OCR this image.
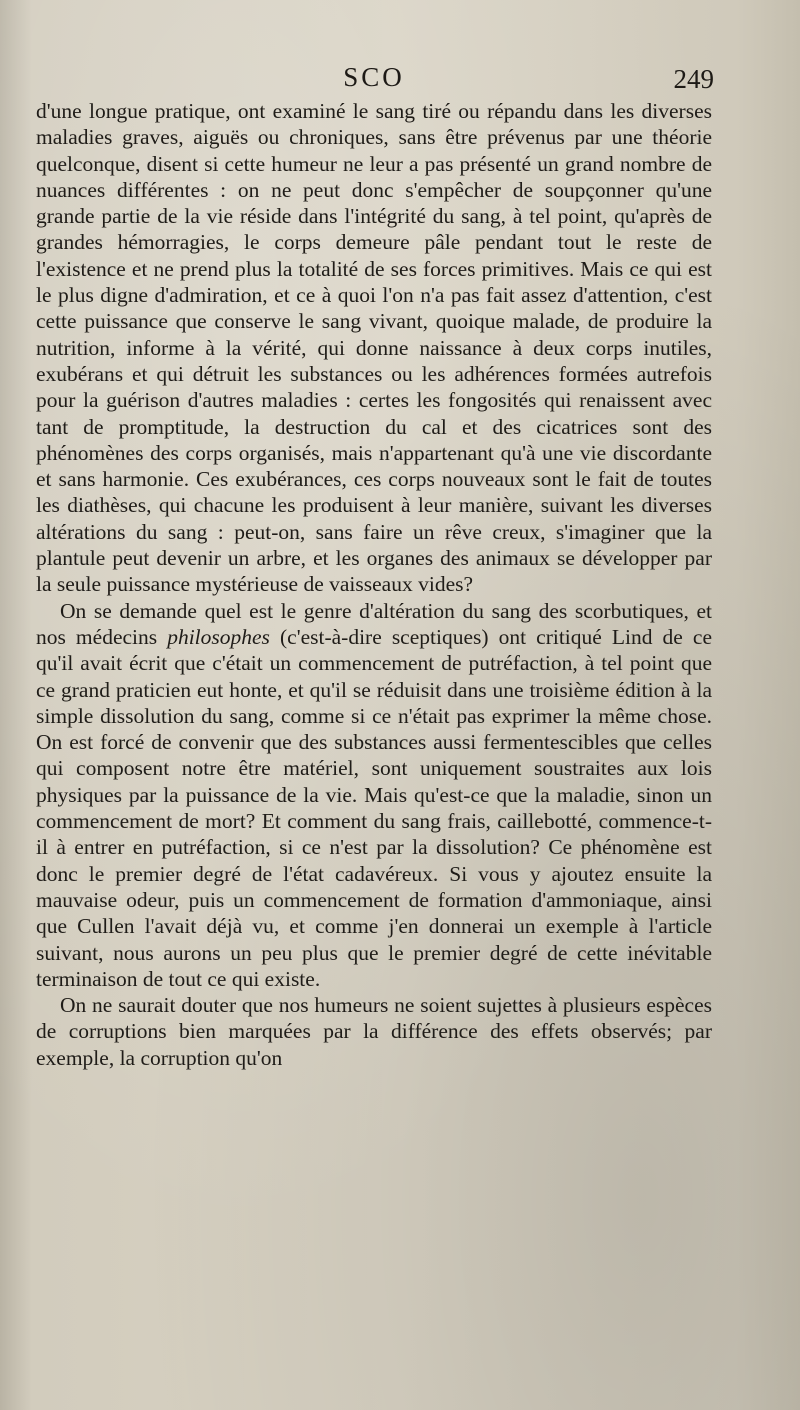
SCO	249

d'une longue pratique, ont examiné le sang tiré ou répandu dans les diverses maladies graves, aiguës ou chroniques, sans être prévenus par une théorie quelconque, disent si cette humeur ne leur a pas présenté un grand nombre de nuances différentes : on ne peut donc s'empêcher de soupçonner qu'une grande partie de la vie réside dans l'intégrité du sang, à tel point, qu'après de grandes hémorragies, le corps demeure pâle pendant tout le reste de l'existence et ne prend plus la totalité de ses forces primitives. Mais ce qui est le plus digne d'admiration, et ce à quoi l'on n'a pas fait assez d'attention, c'est cette puissance que conserve le sang vivant, quoique malade, de produire la nutrition, informe à la vérité, qui donne naissance à deux corps inutiles, exubérans et qui détruit les substances ou les adhérences formées autrefois pour la guérison d'autres maladies : certes les fongosités qui renaissent avec tant de promptitude, la destruction du cal et des cicatrices sont des phénomènes des corps organisés, mais n'appartenant qu'à une vie discordante et sans harmonie. Ces exubérances, ces corps nouveaux sont le fait de toutes les diathèses, qui chacune les produisent à leur manière, suivant les diverses altérations du sang : peut-on, sans faire un rêve creux, s'imaginer que la plantule peut devenir un arbre, et les organes des animaux se développer par la seule puissance mystérieuse de vaisseaux vides?

On se demande quel est le genre d'altération du sang des scorbutiques, et nos médecins philosophes (c'est-à-dire sceptiques) ont critiqué Lind de ce qu'il avait écrit que c'était un commencement de putréfaction, à tel point que ce grand praticien eut honte, et qu'il se réduisit dans une troisième édition à la simple dissolution du sang, comme si ce n'était pas exprimer la même chose. On est forcé de convenir que des substances aussi fermentescibles que celles qui composent notre être matériel, sont uniquement soustraites aux lois physiques par la puissance de la vie. Mais qu'est-ce que la maladie, sinon un commencement de mort? Et comment du sang frais, caillebotté, commence-t-il à entrer en putréfaction, si ce n'est par la dissolution? Ce phénomène est donc le premier degré de l'état cadavéreux. Si vous y ajoutez ensuite la mauvaise odeur, puis un commencement de formation d'ammoniaque, ainsi que Cullen l'avait déjà vu, et comme j'en donnerai un exemple à l'article suivant, nous aurons un peu plus que le premier degré de cette inévitable terminaison de tout ce qui existe.

On ne saurait douter que nos humeurs ne soient sujettes à plusieurs espèces de corruptions bien marquées par la différence des effets observés; par exemple, la corruption qu'on
